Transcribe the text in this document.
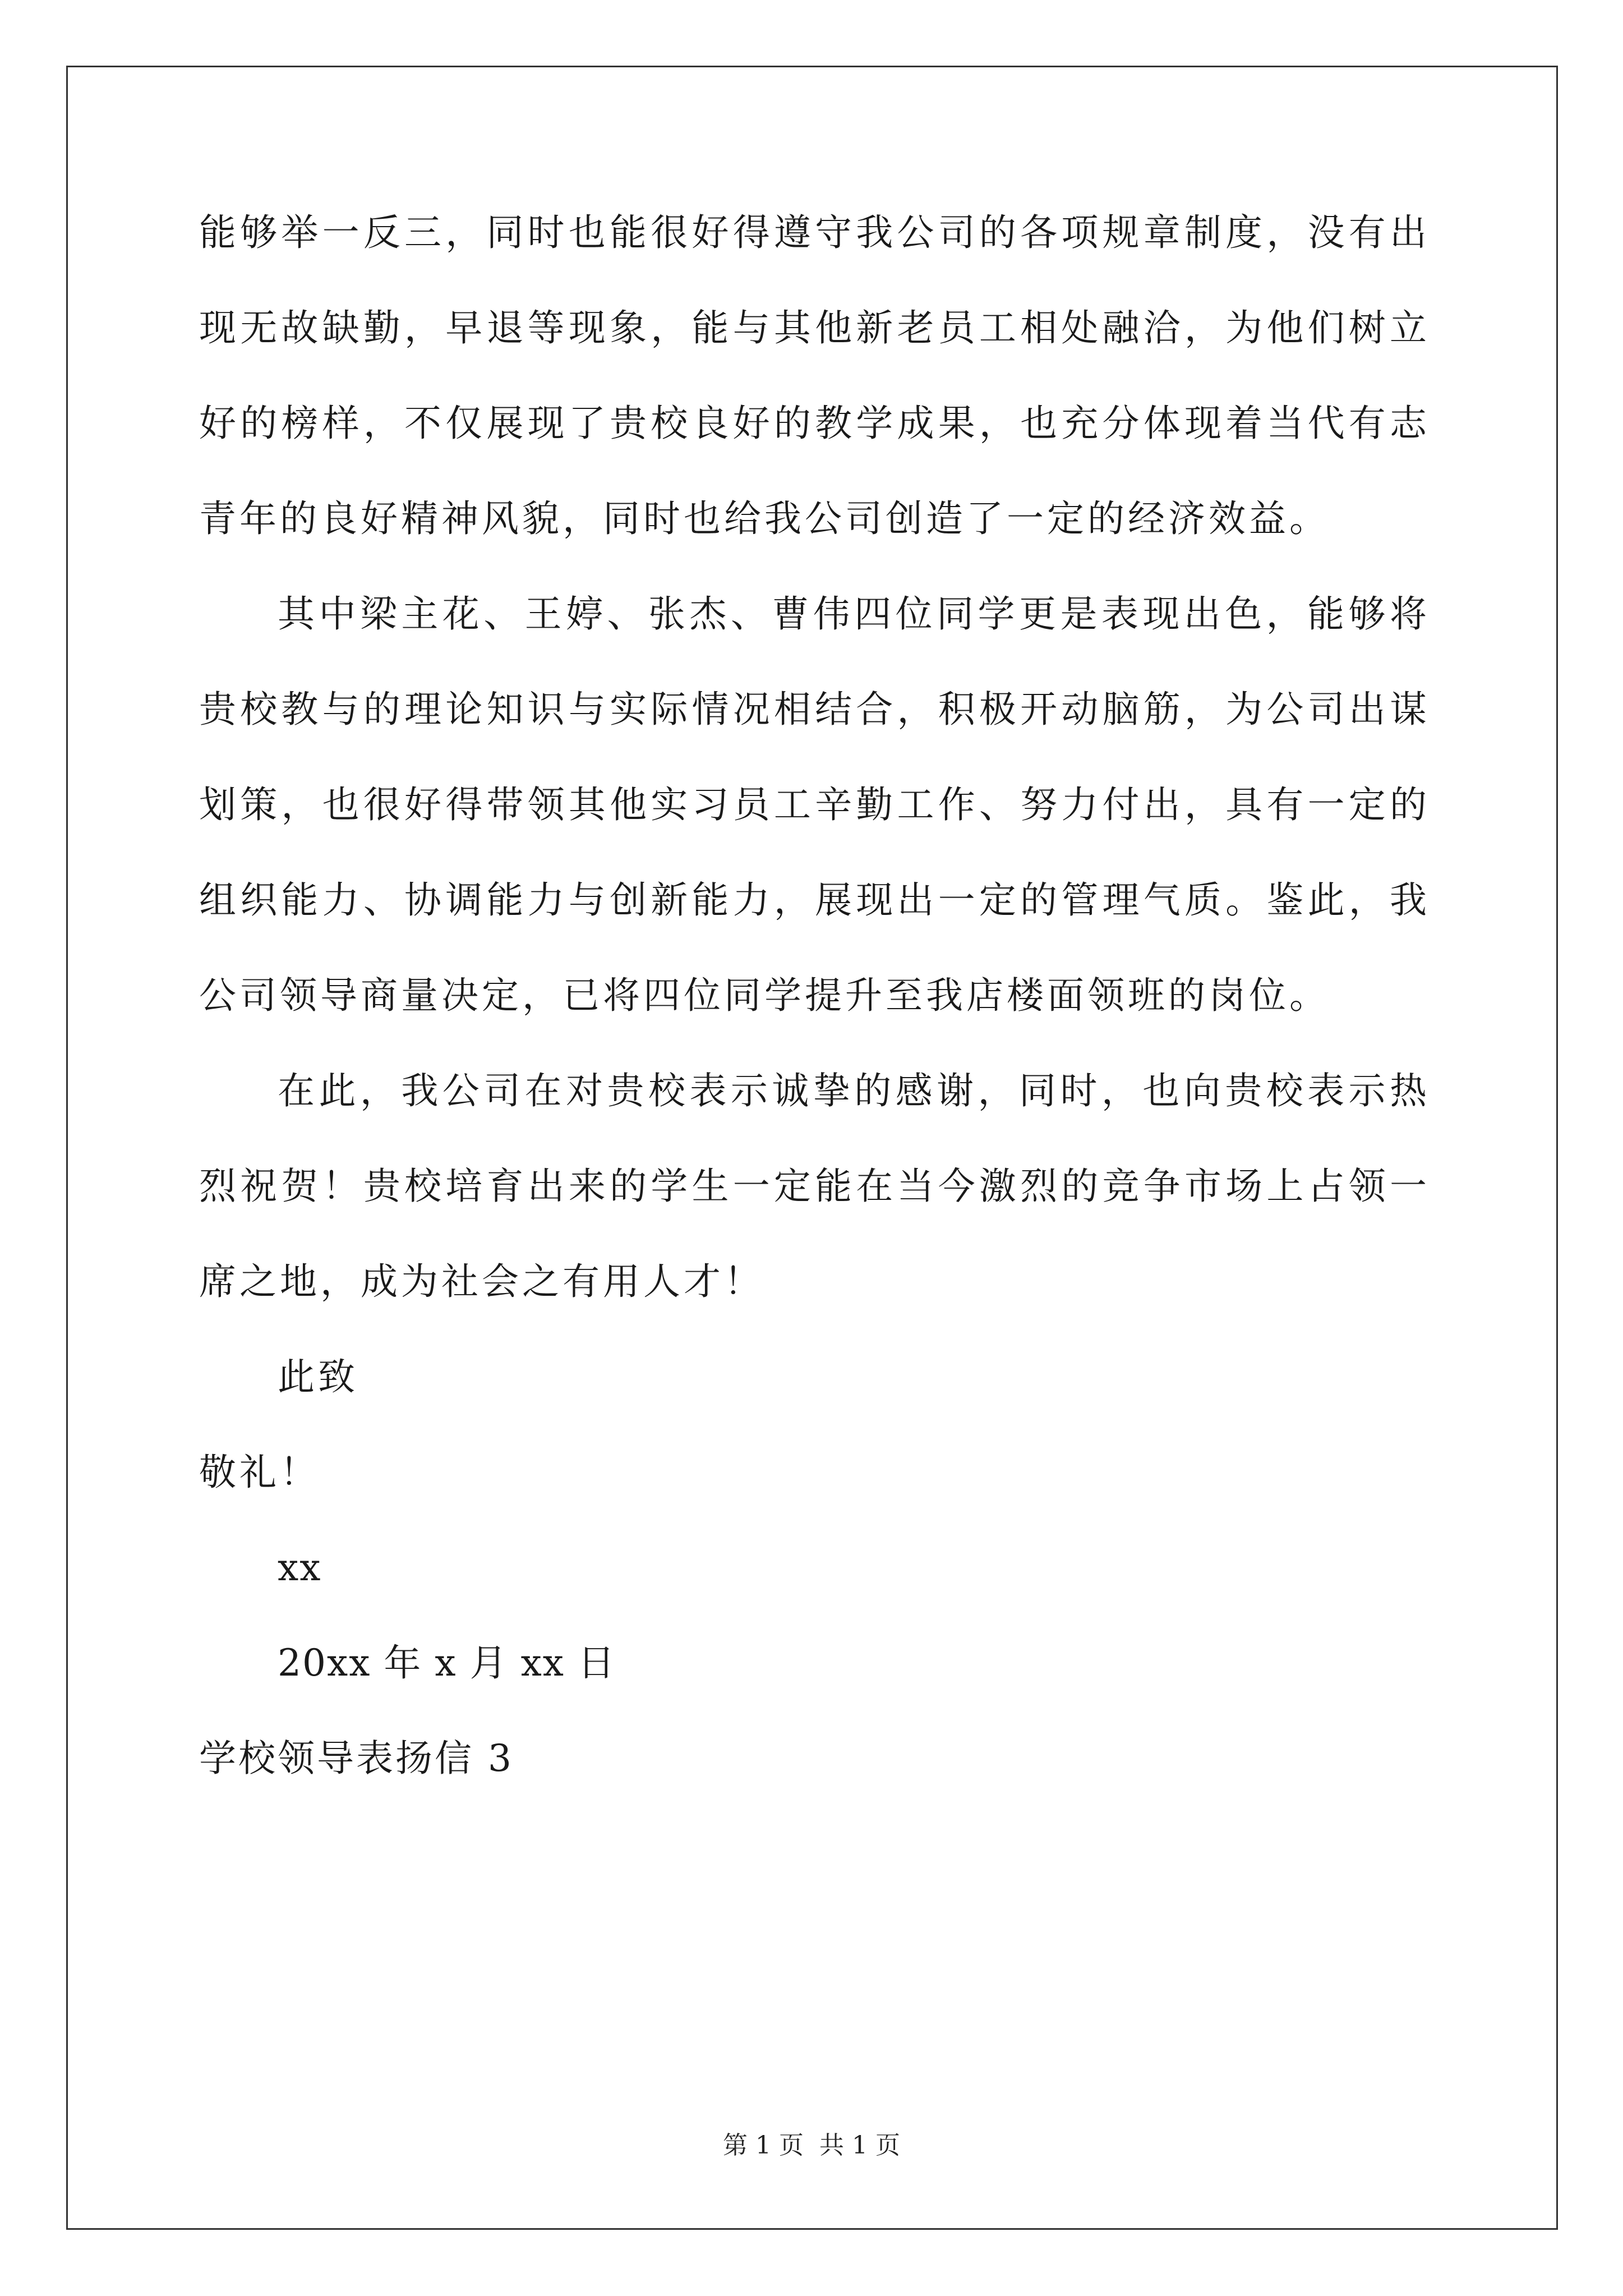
能够举一反三，同时也能很好得遵守我公司的各项规章制度，没有出
现无故缺勤，早退等现象，能与其他新老员工相处融洽，为他们树立
好的榜样，不仅展现了贵校良好的教学成果，也充分体现着当代有志
青年的良好精神风貌，同时也给我公司创造了一定的经济效益。
其中梁主花、王婷、张杰、曹伟四位同学更是表现出色，能够将
贵校教与的理论知识与实际情况相结合，积极开动脑筋，为公司出谋
划策，也很好得带领其他实习员工辛勤工作、努力付出，具有一定的
组织能力、协调能力与创新能力，展现出一定的管理气质。鉴此，我
公司领导商量决定，已将四位同学提升至我店楼面领班的岗位。
在此，我公司在对贵校表示诚挚的感谢，同时，也向贵校表示热
烈祝贺！贵校培育出来的学生一定能在当今激烈的竞争市场上占领一
席之地，成为社会之有用人才！
此致
敬礼！
xx
20xx 年 x 月 xx 日
学校领导表扬信 3
第 1 页  共 1 页
